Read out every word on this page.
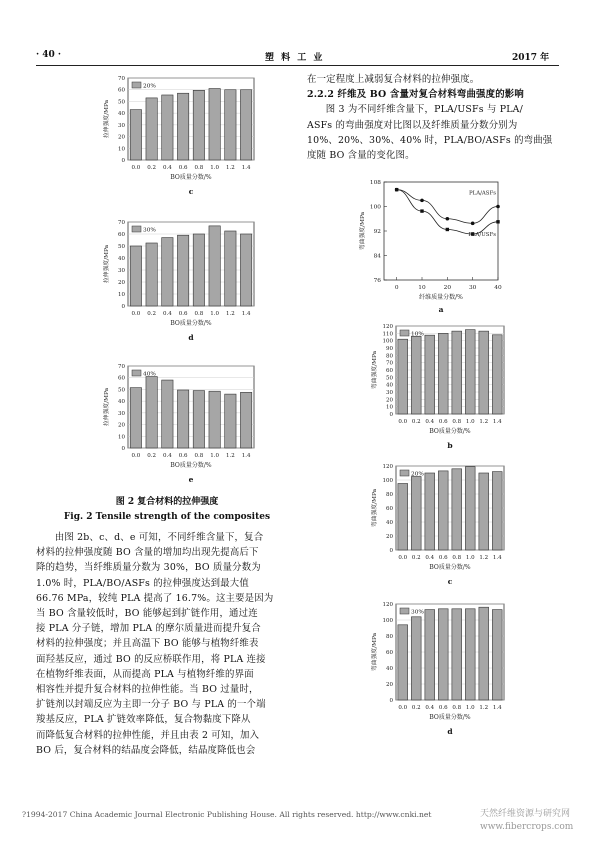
· 40 ·	塑 料 工 业	2017 年
0
10
20
30
40
50
60
70
0.0 0.2 0.4 0.6 0.8 1.0 1.2 1.4
20%
BO质量分数/%
拉伸强度/MPa
c
0
10
20
30
40
50
60
70
0.0 0.2 0.4 0.6 0.8 1.0 1.2 1.4
30%
BO质量分数/%
拉伸强度/MPa
d
0
10
20
30
40
50
60
70
0.0 0.2 0.4 0.6 0.8 1.0 1.2 1.4
40%
BO质量分数/%
拉伸强度/MPa
e
图 2 复合材料的拉伸强度
Fig. 2 Tensile strength of the composites

由图 2b、c、d、e 可知，不同纤维含量下，复合

材料的拉伸强度随 BO 含量的增加均出现先提高后下

降的趋势，当纤维质量分数为 30%，BO 质量分数为

1.0% 时，PLA/BO/ASFs 的拉伸强度达到最大值

66.76 MPa，较纯 PLA 提高了 16.7%。这主要是因为

当 BO 含量较低时，BO 能够起到扩链作用，通过连

接 PLA 分子链，增加 PLA 的摩尔质量进而提升复合

材料的拉伸强度；并且高温下 BO 能够与植物纤维表

面羟基反应，通过 BO 的反应桥联作用，将 PLA 连接

在植物纤维表面，从而提高 PLA 与植物纤维的界面

相容性并提升复合材料的拉伸性能。当 BO 过量时，

扩链剂以封端反应为主即一分子 BO 与 PLA 的一个端

羧基反应，PLA 扩链效率降低，复合物黏度下降从

而降低复合材料的拉伸性能，并且由表 2 可知，加入

BO 后，复合材料的结晶度会降低，结晶度降低也会

在一定程度上减弱复合材料的拉伸强度。

2.2.2 纤维及 BO 含量对复合材料弯曲强度的影响

图 3 为不同纤维含量下，PLA/USFs 与 PLA/

ASFs 的弯曲强度对比图以及纤维质量分数分别为

10%、20%、30%、40% 时，PLA/BO/ASFs 的弯曲强

度随 BO 含量的变化图。

76
84
92
100
108
0	10	20	30	40
PLA/ASFs
PLA/USFs
纤维质量分数/%
弯曲强度/MPa
a
0
10
20
30
40
50
60
70
80
90
100
110
120
0.0 0.2 0.4 0.6 0.8 1.0 1.2 1.4
10%
BO质量分数/%
弯曲强度/MPa
b
0
20
40
60
80
100
120
0.0 0.2 0.4 0.6 0.8 1.0 1.2 1.4
20%
BO质量分数/%
弯曲强度/MPa
c
0
20
40
60
80
100
120
0.0 0.2 0.4 0.6 0.8 1.0 1.2 1.4
30%
BO质量分数/%
弯曲强度/MPa
d
?1994-2017 China Academic Journal Electronic Publishing House. All rights reserved. http://www.cnki.net	天然纤维资源与研究网
www.fibercrops.com
